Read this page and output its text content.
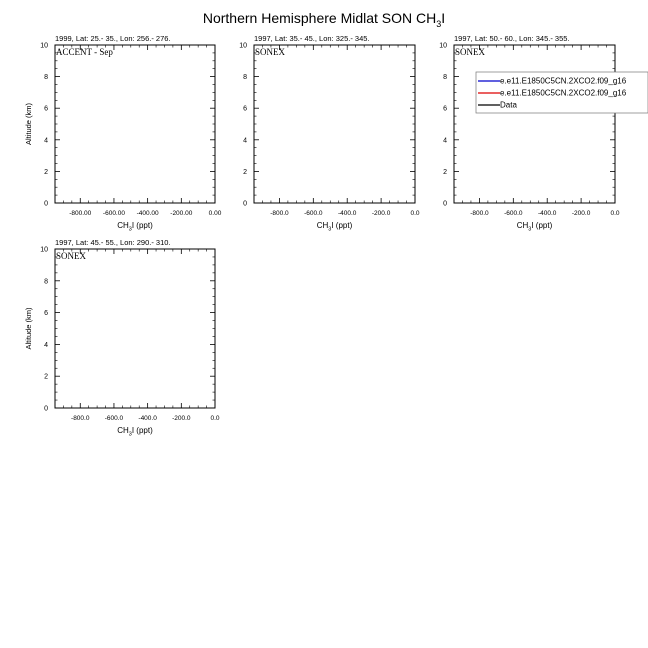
Northern Hemisphere Midlat SON $CH_3I$
1999, Lat: 25.- 35., Lon: 256.- 276.
ACCENT - Sep
0
2
4
6
8
10
-800.00 -600.00 -400.00 -200.00	0.00
$CH_3I$ (ppt)
Altitude (km)
1997, Lat: 35.- 45., Lon: 325.- 345.
SONEX
0
2
4
6
8
10
-800.0 -600.0 -400.0 -200.0	0.0
$CH_3I$ (ppt)
1997, Lat: 50.- 60., Lon: 345.- 355.
SONEX
0
2
4
6
8
10
-800.0 -600.0 -400.0 -200.0	0.0
$CH_3I$ (ppt)
e.e11.E1850C5CN.2XCO2.f09_g16
e.e11.E1850C5CN.2XCO2.f09_g16
Data
1997, Lat: 45.- 55., Lon: 290.- 310.
SONEX
0
2
4
6
8
10
-800.0 -600.0 -400.0 -200.0	0.0
$CH_3I$ (ppt)
Altitude (km)
